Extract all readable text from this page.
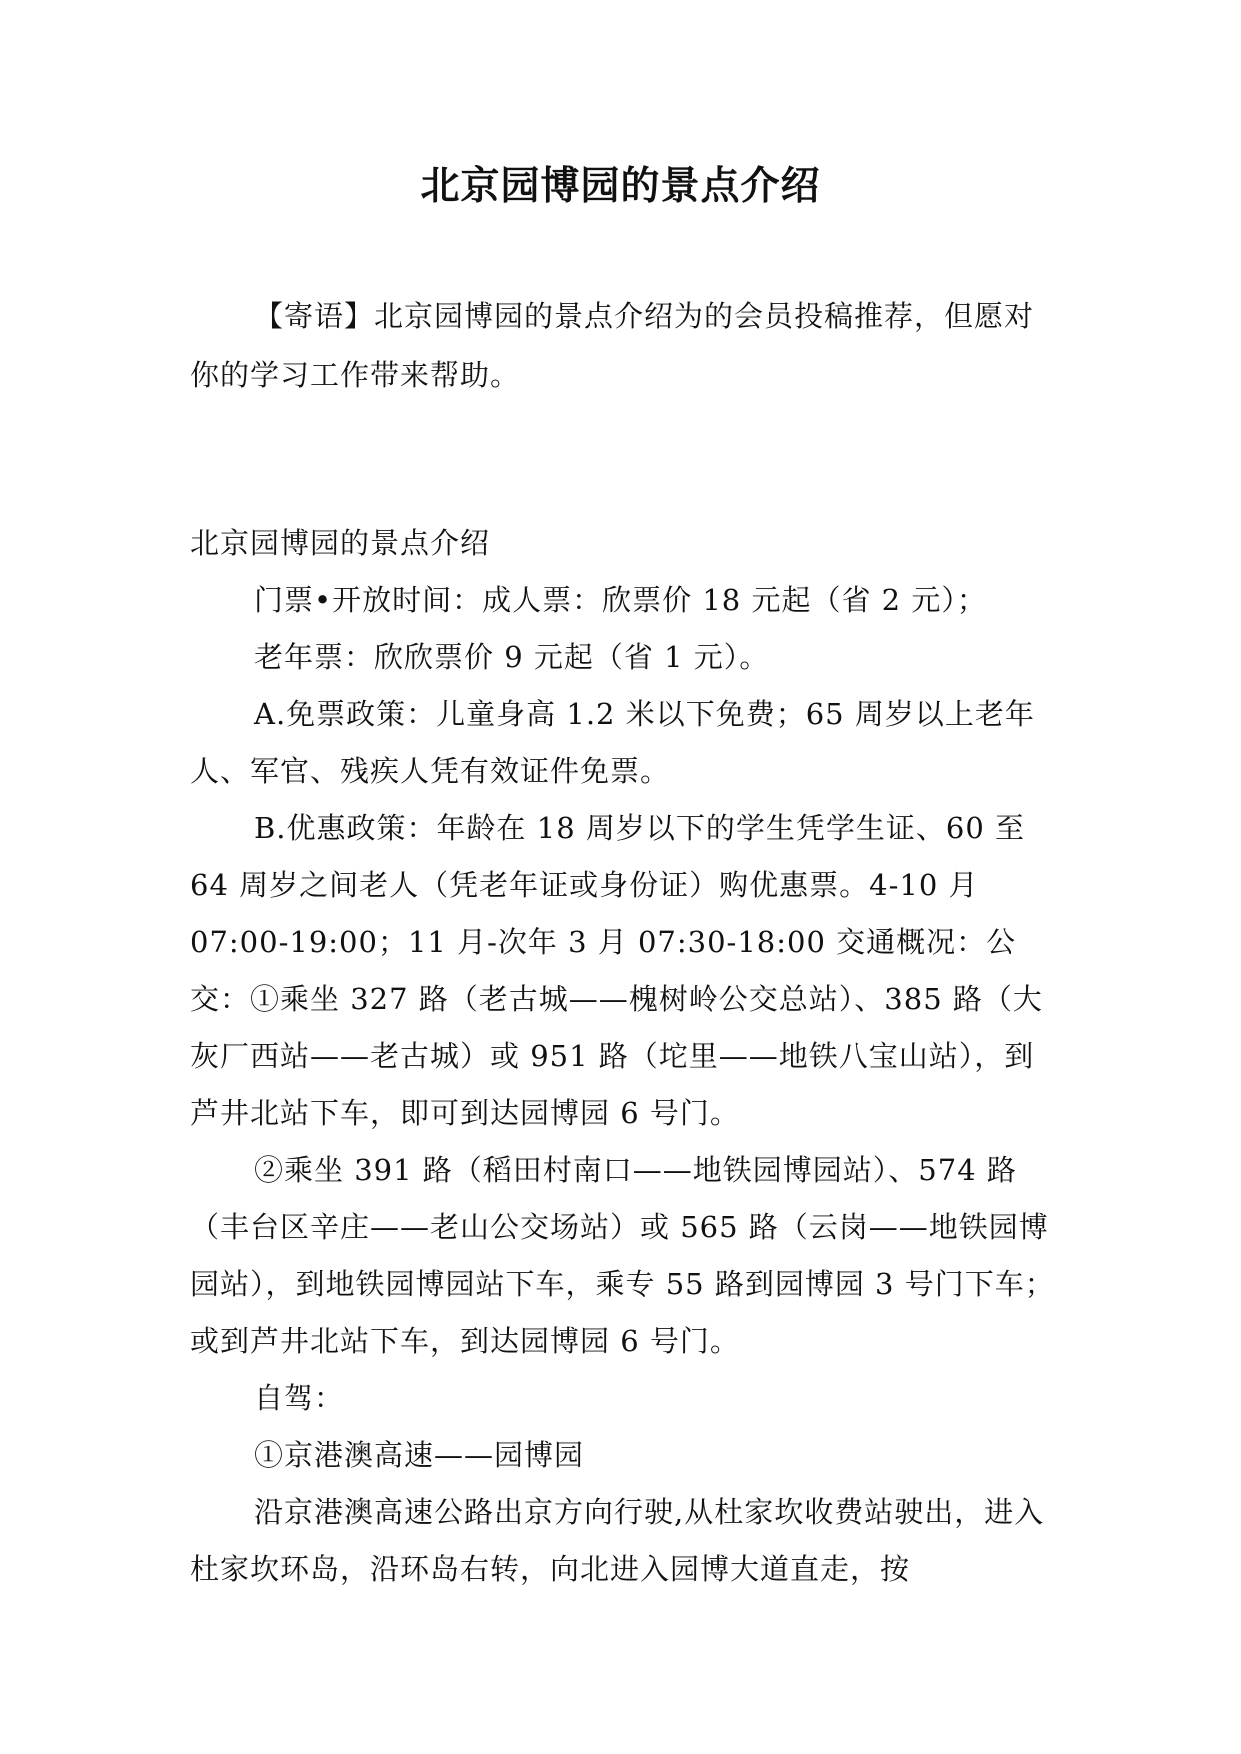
北京园博园的景点介绍

【寄语】北京园博园的景点介绍为的会员投稿推荐，但愿对你的学习工作带来帮助。

北京园博园的景点介绍

门票•开放时间：成人票：欣票价 18 元起（省 2 元）；

老年票：欣欣票价 9 元起（省 1 元）。

A.免票政策：儿童身高 1.2 米以下免费；65 周岁以上老年人、军官、残疾人凭有效证件免票。

B.优惠政策：年龄在 18 周岁以下的学生凭学生证、60 至 64 周岁之间老人（凭老年证或身份证）购优惠票。4-10 月 07:00-19:00；11 月-次年 3 月 07:30-18:00 交通概况：公交：①乘坐 327 路（老古城——槐树岭公交总站）、385 路（大灰厂西站——老古城）或 951 路（坨里——地铁八宝山站），到芦井北站下车，即可到达园博园 6 号门。

②乘坐 391 路（稻田村南口——地铁园博园站）、574 路（丰台区辛庄——老山公交场站）或 565 路（云岗——地铁园博园站），到地铁园博园站下车，乘专 55 路到园博园 3 号门下车；或到芦井北站下车，到达园博园 6 号门。

自驾：

①京港澳高速——园博园

沿京港澳高速公路出京方向行驶,从杜家坎收费站驶出，进入杜家坎环岛，沿环岛右转，向北进入园博大道直走，按
